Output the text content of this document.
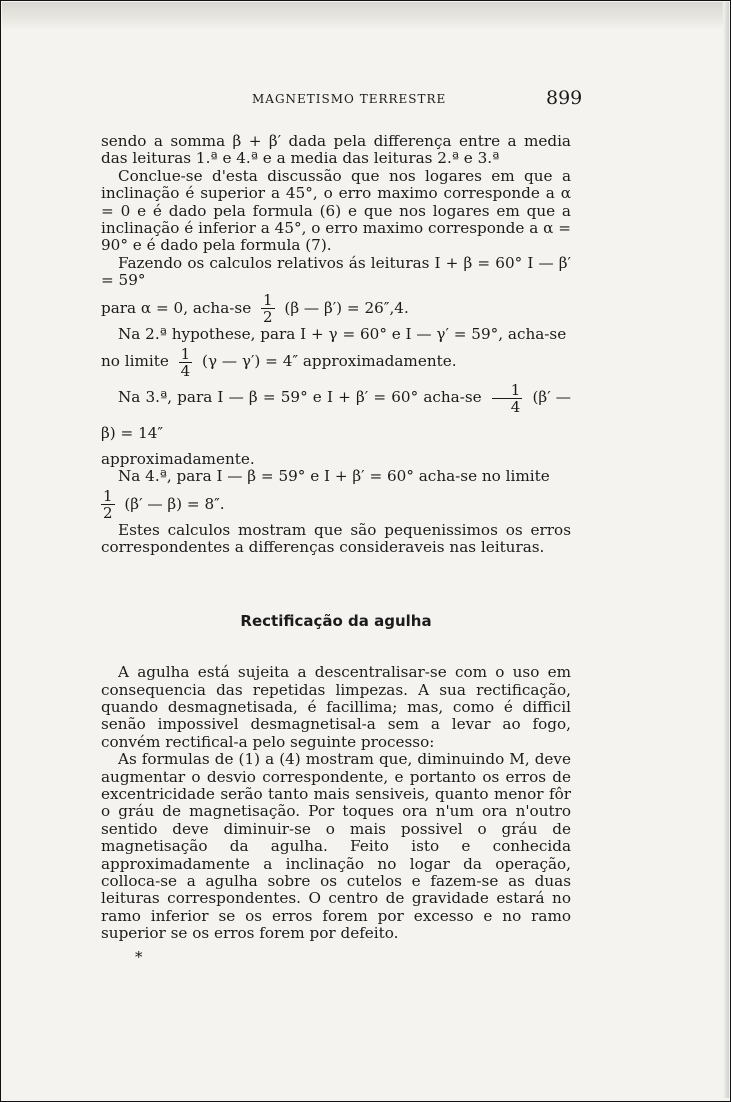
MAGNETISMO TERRESTRE	899

sendo a somma β + β′ dada pela differença entre a media das leituras 1.ª e 4.ª e a media das leituras 2.ª e 3.ª

Conclue-se d'esta discussão que nos logares em que a inclinação é superior a 45°, o erro maximo corresponde a α = 0 e é dado pela formula (6) e que nos logares em que a inclinação é inferior a 45°, o erro maximo corresponde a α = 90° e é dado pela formula (7).

Fazendo os calculos relativos ás leituras I + β = 60° I — β′ = 59°

para α = 0, acha-se $\frac{1}{2} (\beta$ — β′) = 26″,4.

Na 2.ª hypothese, para I + γ = 60° e I — γ′ = 59°, acha-se

no limite $\frac{1}{4} (\gamma$ — γ′) = 4″ approximadamente.

Na 3.ª, para I — β = 59° e I + β′ = 60° acha-se $\frac{1}{4} (\beta'$ — β) = 14″

approximadamente.

Na 4.ª, para I — β = 59° e I + β′ = 60° acha-se no limite

$\frac{1}{2} (\beta'$ — β) = 8″.

Estes calculos mostram que são pequenissimos os erros correspondentes a differenças consideraveis nas leituras.

Rectificação da agulha

A agulha está sujeita a descentralisar-se com o uso em consequencia das repetidas limpezas. A sua rectificação, quando desmagnetisada, é facillima; mas, como é difficil senão impossivel desmagnetisal-a sem a levar ao fogo, convém rectifical-a pelo seguinte processo:

As formulas de (1) a (4) mostram que, diminuindo M, deve augmentar o desvio correspondente, e portanto os erros de excentricidade serão tanto mais sensiveis, quanto menor fôr o gráu de magnetisação. Por toques ora n'um ora n'outro sentido deve diminuir-se o mais possivel o gráu de magnetisação da agulha. Feito isto e conhecida approximadamente a inclinação no logar da operação, colloca-se a agulha sobre os cutelos e fazem-se as duas leituras correspondentes. O centro de gravidade estará no ramo inferior se os erros forem por excesso e no ramo superior se os erros forem por defeito.

*
